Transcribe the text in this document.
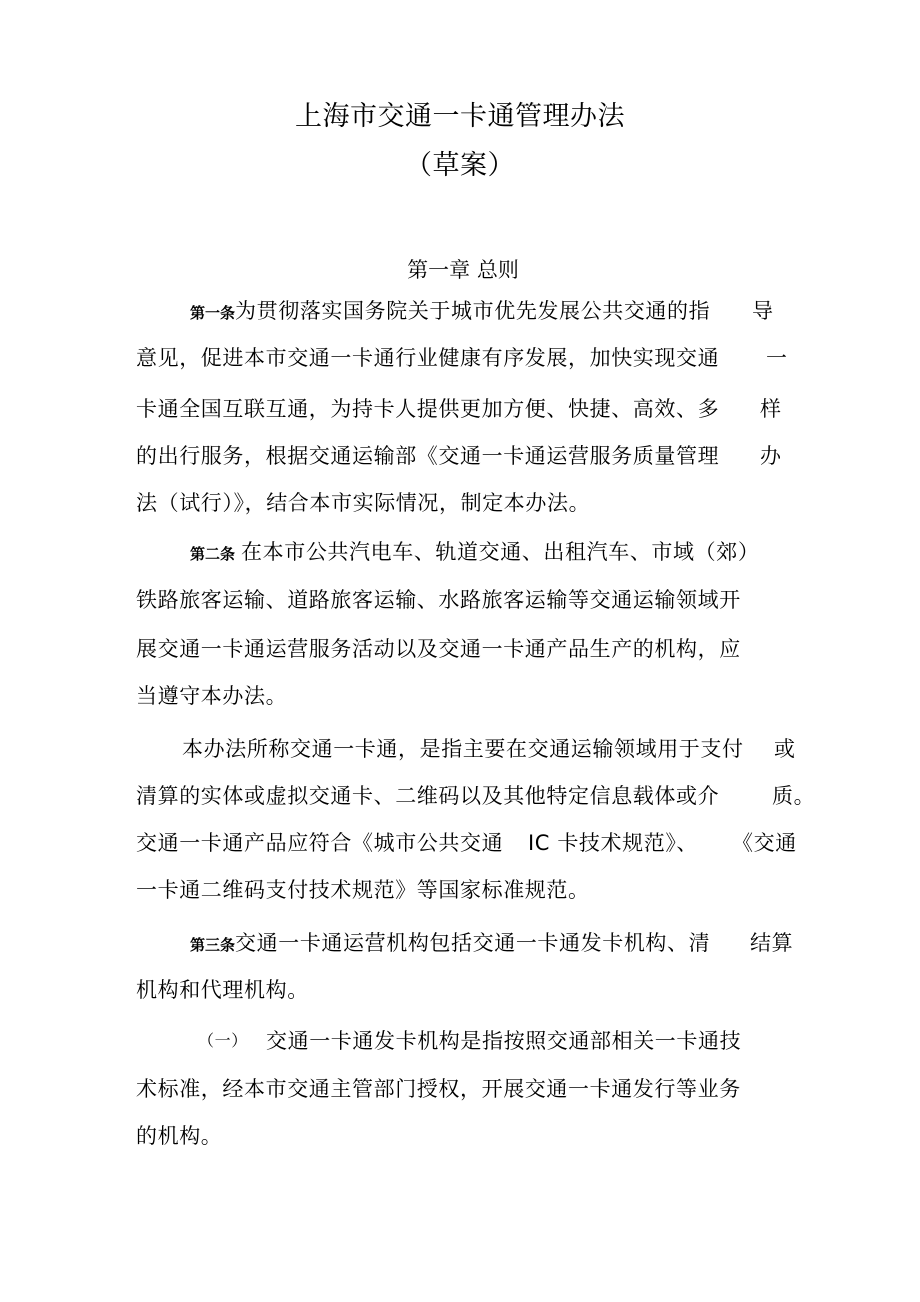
上海市交通一卡通管理办法
（草案）
第一章 总则
第一条为贯彻落实国务院关于城市优先发展公共交通的指 导
意见，促进本市交通一卡通行业健康有序发展，加快实现交通 一
卡通全国互联互通，为持卡人提供更加方便、快捷、高效、多 样
的出行服务，根据交通运输部《交通一卡通运营服务质量管理 办
法（试行）》，结合本市实际情况，制定本办法。
第二条 在本市公共汽电车、轨道交通、出租汽车、市域（郊）
铁路旅客运输、道路旅客运输、水路旅客运输等交通运输领域开
展交通一卡通运营服务活动以及交通一卡通产品生产的机构，应
当遵守本办法。
本办法所称交通一卡通，是指主要在交通运输领域用于支付 或
清算的实体或虚拟交通卡、二维码以及其他特定信息载体或介	质。
交通一卡通产品应符合《城市公共交通 IC 卡技术规范》、 《交通
一卡通二维码支付技术规范》等国家标准规范。
第三条交通一卡通运营机构包括交通一卡通发卡机构、清 结算
机构和代理机构。
（一） 交通一卡通发卡机构是指按照交通部相关一卡通技
术标准，经本市交通主管部门授权，开展交通一卡通发行等业务
的机构。
